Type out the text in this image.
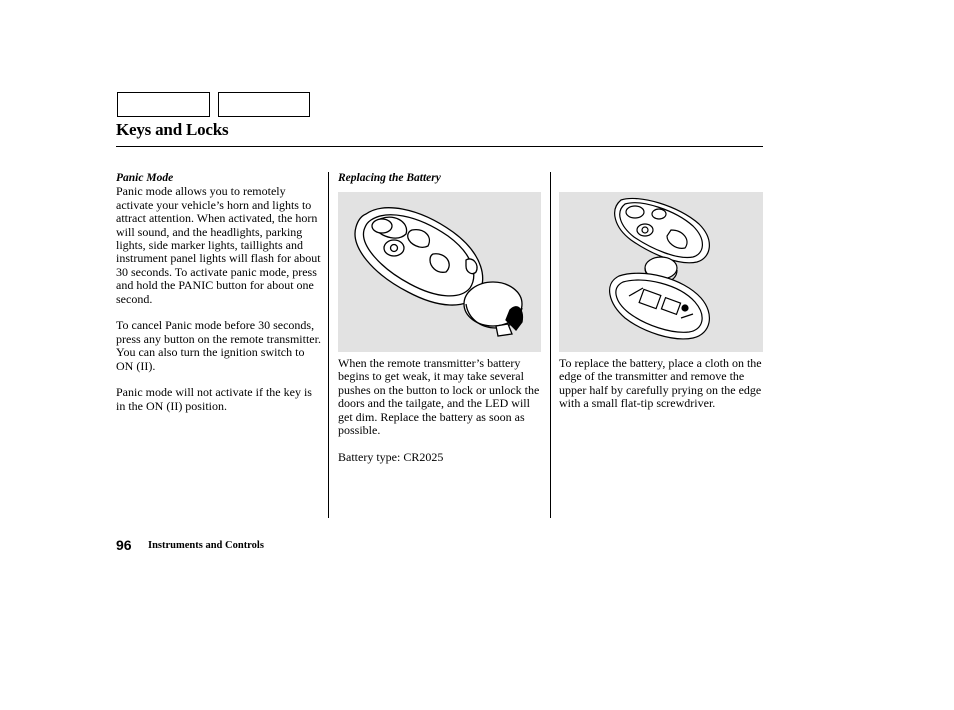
Keys and Locks
Panic Mode

Panic mode allows you to remotely activate your vehicle’s horn and lights to attract attention. When activated, the horn will sound, and the headlights, parking lights, side marker lights, taillights and instrument panel lights will flash for about 30 seconds. To activate panic mode, press and hold the PANIC button for about one second.

To cancel Panic mode before 30 seconds, press any button on the remote transmitter. You can also turn the ignition switch to ON (II).

Panic mode will not activate if the key is in the ON (II) position.

Replacing the Battery

When the remote transmitter’s battery begins to get weak, it may take several pushes on the button to lock or unlock the doors and the tailgate, and the LED will get dim. Replace the battery as soon as possible.

Battery type: CR2025

To replace the battery, place a cloth on the edge of the transmitter and remove the upper half by carefully prying on the edge with a small flat-tip screwdriver.

96 Instruments and Controls
